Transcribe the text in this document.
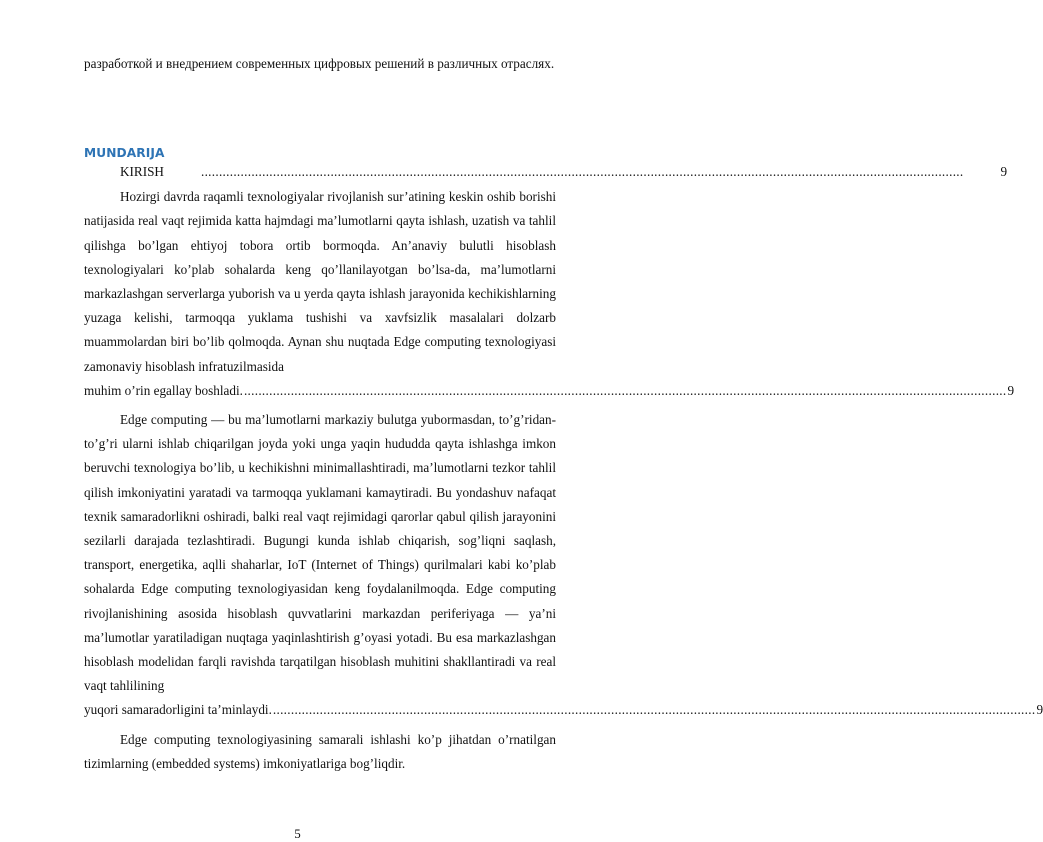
разработкой и внедрением современных цифровых решений в различных отраслях.
MUNDARIJA

KIRISH .....	9

Hozirgi davrda raqamli texnologiyalar rivojlanish sur’atining keskin oshib borishi natijasida real vaqt rejimida katta hajmdagi ma’lumotlarni qayta ishlash, uzatish va tahlil qilishga bo’lgan ehtiyoj tobora ortib bormoqda. An’anaviy bulutli hisoblash texnologiyalari ko’plab sohalarda keng qo’llanilayotgan bo’lsa-da, ma’lumotlarni markazlashgan serverlarga yuborish va u yerda qayta ishlash jarayonida kechikishlarning yuzaga kelishi, tarmoqqa yuklama tushishi va xavfsizlik masalalari dolzarb muammolardan biri bo’lib qolmoqda. Aynan shu nuqtada Edge computing texnologiyasi zamonaviy hisoblash infratuzilmasida
muhim o’rin egallay boshladi. .....	9

Edge computing — bu ma’lumotlarni markaziy bulutga yubormasdan, to’g’ridan-to’g’ri ularni ishlab chiqarilgan joyda yoki unga yaqin hududda qayta ishlashga imkon beruvchi texnologiya bo’lib, u kechikishni minimallashtiradi, ma’lumotlarni tezkor tahlil qilish imkoniyatini yaratadi va tarmoqqa yuklamani kamaytiradi. Bu yondashuv nafaqat texnik samaradorlikni oshiradi, balki real vaqt rejimidagi qarorlar qabul qilish jarayonini sezilarli darajada tezlashtiradi. Bugungi kunda ishlab chiqarish, sog’liqni saqlash, transport, energetika, aqlli shaharlar, IoT (Internet of Things) qurilmalari kabi ko’plab sohalarda Edge computing texnologiyasidan keng foydalanilmoqda. Edge computing rivojlanishining asosida hisoblash quvvatlarini markazdan periferiyaga — ya’ni ma’lumotlar yaratiladigan nuqtaga yaqinlashtirish g’oyasi yotadi. Bu esa markazlashgan hisoblash modelidan farqli ravishda tarqatilgan hisoblash muhitini shakllantiradi va real vaqt tahlilining
yuqori samaradorligini ta’minlaydi. .....	9

Edge computing texnologiyasining samarali ishlashi ko’p jihatdan o’rnatilgan tizimlarning (embedded systems) imkoniyatlariga bog’liqdir.

5
